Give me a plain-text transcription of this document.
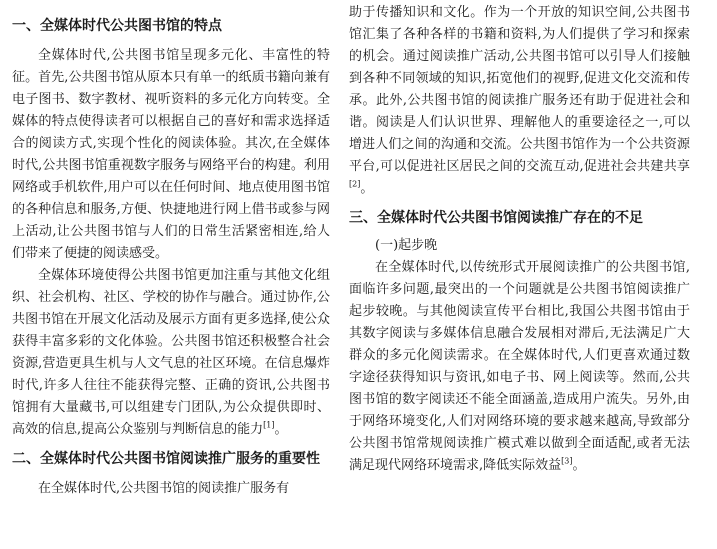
一、全媒体时代公共图书馆的特点

全媒体时代,公共图书馆呈现多元化、丰富性的特征。首先,公共图书馆从原本只有单一的纸质书籍向兼有电子图书、数字教材、视听资料的多元化方向转变。全媒体的特点使得读者可以根据自己的喜好和需求选择适合的阅读方式,实现个性化的阅读体验。其次,在全媒体时代,公共图书馆重视数字服务与网络平台的构建。利用网络或手机软件,用户可以在任何时间、地点使用图书馆的各种信息和服务,方便、快捷地进行网上借书或参与网上活动,让公共图书馆与人们的日常生活紧密相连,给人们带来了便捷的阅读感受。

全媒体环境使得公共图书馆更加注重与其他文化组织、社会机构、社区、学校的协作与融合。通过协作,公共图书馆在开展文化活动及展示方面有更多选择,使公众获得丰富多彩的文化体验。公共图书馆还积极整合社会资源,营造更具生机与人文气息的社区环境。在信息爆炸时代,许多人往往不能获得完整、正确的资讯,公共图书馆拥有大量藏书,可以组建专门团队,为公众提供即时、高效的信息,提高公众鉴别与判断信息的能力[1]。

二、全媒体时代公共图书馆阅读推广服务的重要性

在全媒体时代,公共图书馆的阅读推广服务有

助于传播知识和文化。作为一个开放的知识空间,公共图书馆汇集了各种各样的书籍和资料,为人们提供了学习和探索的机会。通过阅读推广活动,公共图书馆可以引导人们接触到各种不同领域的知识,拓宽他们的视野,促进文化交流和传承。此外,公共图书馆的阅读推广服务还有助于促进社会和谐。阅读是人们认识世界、理解他人的重要途径之一,可以增进人们之间的沟通和交流。公共图书馆作为一个公共资源平台,可以促进社区居民之间的交流互动,促进社会共建共享[2]。

三、全媒体时代公共图书馆阅读推广存在的不足
(一)起步晚

在全媒体时代,以传统形式开展阅读推广的公共图书馆,面临许多问题,最突出的一个问题就是公共图书馆阅读推广起步较晚。与其他阅读宣传平台相比,我国公共图书馆由于其数字阅读与多媒体信息融合发展相对滞后,无法满足广大群众的多元化阅读需求。在全媒体时代,人们更喜欢通过数字途径获得知识与资讯,如电子书、网上阅读等。然而,公共图书馆的数字阅读还不能全面涵盖,造成用户流失。另外,由于网络环境变化,人们对网络环境的要求越来越高,导致部分公共图书馆常规阅读推广模式难以做到全面适配,或者无法满足现代网络环境需求,降低实际效益[3]。
